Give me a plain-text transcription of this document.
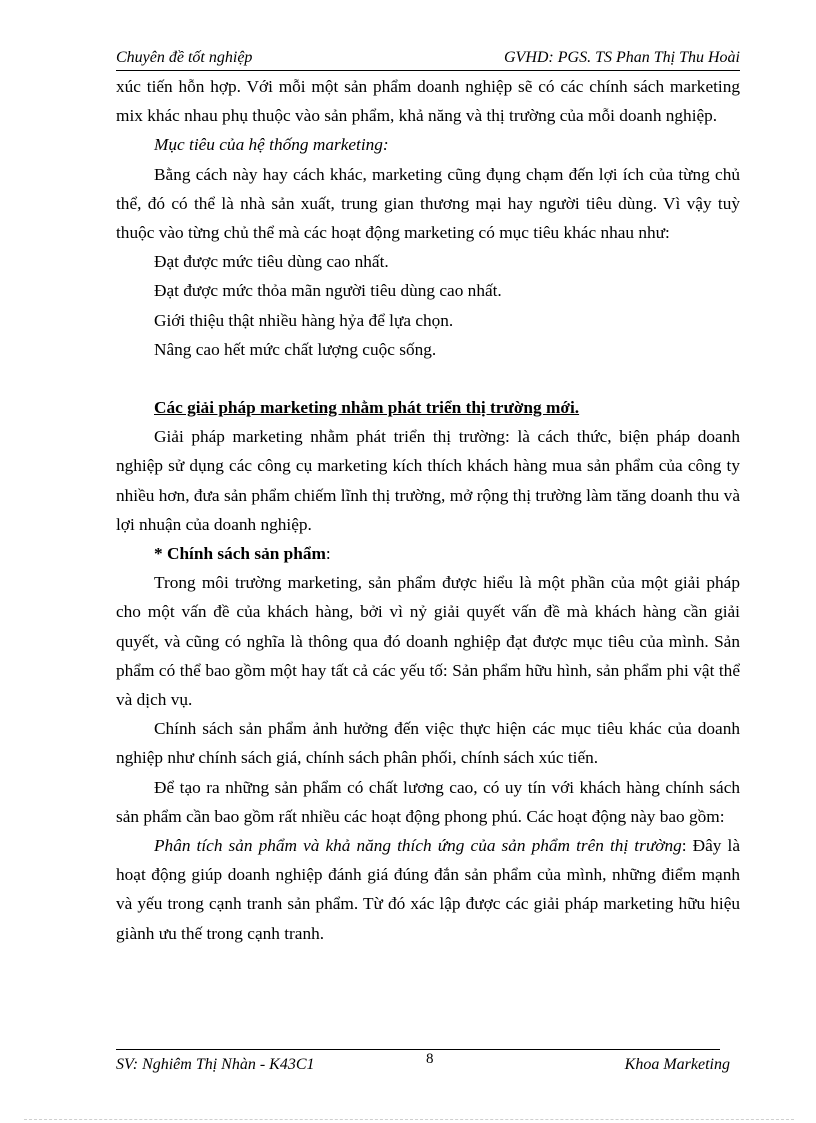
Chuyên đề tốt nghiệp	GVHD: PGS. TS Phan Thị Thu Hoài

xúc tiến hỗn hợp. Với mỗi một sản phẩm doanh nghiệp sẽ có các chính sách marketing mix khác nhau phụ thuộc vào sản phẩm, khả năng và thị trường của mỗi doanh nghiệp.

Mục tiêu của hệ thống marketing:

Bằng cách này hay cách khác, marketing cũng đụng chạm đến lợi ích của từng chủ thể, đó có thể là nhà sản xuất, trung gian thương mại hay người tiêu dùng. Vì vậy tuỳ thuộc vào từng chủ thể mà các hoạt động marketing có mục tiêu khác nhau như:

Đạt được mức tiêu dùng cao nhất.

Đạt được mức thỏa mãn người tiêu dùng cao nhất.

Giới thiệu thật nhiều hàng hỷa để lựa chọn.

Nâng cao hết mức chất lượng cuộc sống.

Các giải pháp marketing nhằm phát triển thị trường mới.

Giải pháp marketing nhằm phát triển thị trường: là cách thức, biện pháp doanh nghiệp sử dụng các công cụ marketing kích thích khách hàng mua sản phẩm của công ty nhiều hơn, đưa sản phẩm chiếm lĩnh thị trường, mở rộng thị trường làm tăng doanh thu và lợi nhuận của doanh nghiệp.

* Chính sách sản phẩm:

Trong môi trường marketing, sản phẩm được hiểu là một phần của một giải pháp cho một vấn đề của khách hàng, bởi vì nỷ giải quyết vấn đề mà khách hàng cần giải quyết, và cũng có nghĩa là thông qua đó doanh nghiệp đạt được mục tiêu của mình. Sản phẩm có thể bao gồm một hay tất cả các yếu tố: Sản phẩm hữu hình, sản phẩm phi vật thể và dịch vụ.

Chính sách sản phẩm ảnh hưởng đến việc thực hiện các mục tiêu khác của doanh nghiệp như chính sách giá, chính sách phân phối, chính sách xúc tiến.

Để tạo ra những sản phẩm có chất lương cao, có uy tín với khách hàng chính sách sản phẩm cần bao gồm rất nhiều các hoạt động phong phú. Các hoạt động này bao gồm:

Phân tích sản phẩm và khả năng thích ứng của sản phẩm trên thị trường: Đây là hoạt động giúp doanh nghiệp đánh giá đúng đắn sản phẩm của mình, những điểm mạnh và yếu trong cạnh tranh sản phẩm. Từ đó xác lập được các giải pháp marketing hữu hiệu giành ưu thế trong cạnh tranh.

SV: Nghiêm Thị Nhàn - K43C1	8	Khoa Marketing
